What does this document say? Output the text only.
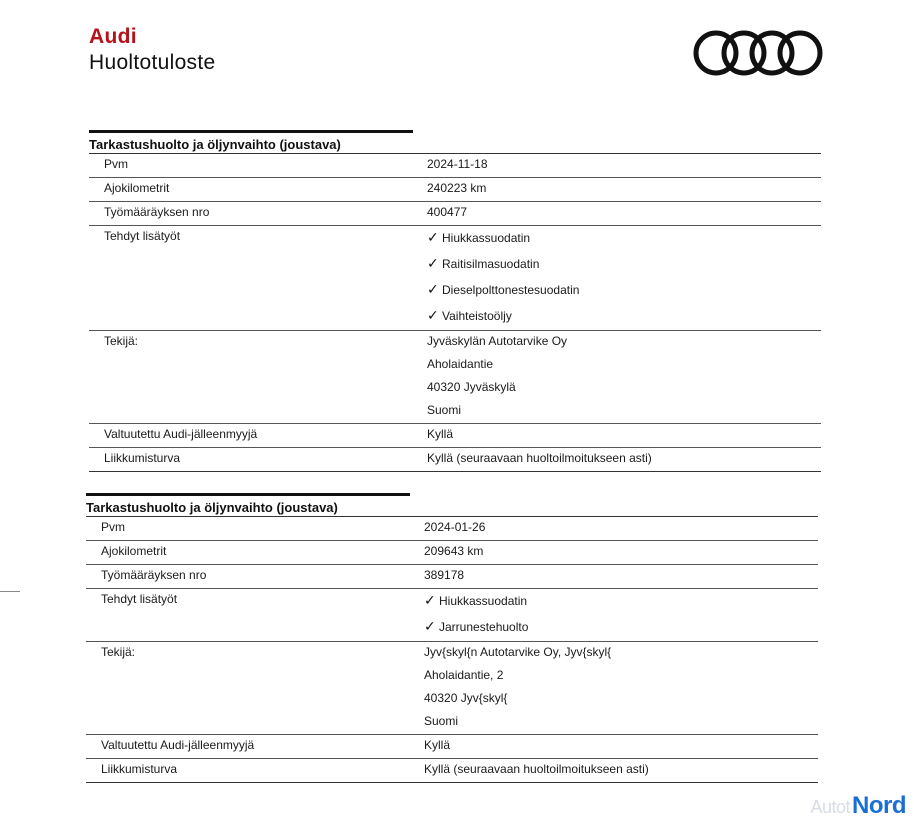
Audi
Huoltotuloste
Tarkastushuolto ja öljynvaihto (joustava)
Pvm	2024-11-18
Ajokilometrit	240223 km
Työmääräyksen nro	400477
Tehdyt lisätyöt	✓ Hiukkassuodatin
✓ Raitisilmasuodatin
✓ Dieselpolttonestesuodatin
✓ Vaihteistoöljy
Tekijä:	Jyväskylän Autotarvike Oy
Aholaidantie
40320 Jyväskylä
Suomi
Valtuutettu Audi-jälleenmyyjä	Kyllä
Liikkumisturva	Kyllä (seuraavaan huoltoilmoitukseen asti)
Tarkastushuolto ja öljynvaihto (joustava)
Pvm	2024-01-26
Ajokilometrit	209643 km
Työmääräyksen nro	389178
Tehdyt lisätyöt	✓ Hiukkassuodatin
✓ Jarrunestehuolto
Tekijä:	Jyv{skyl{n Autotarvike Oy, Jyv{skyl{
Aholaidantie, 2
40320 Jyv{skyl{
Suomi
Valtuutettu Audi-jälleenmyyjä	Kyllä
Liikkumisturva	Kyllä (seuraavaan huoltoilmoitukseen asti)
AutotNord
